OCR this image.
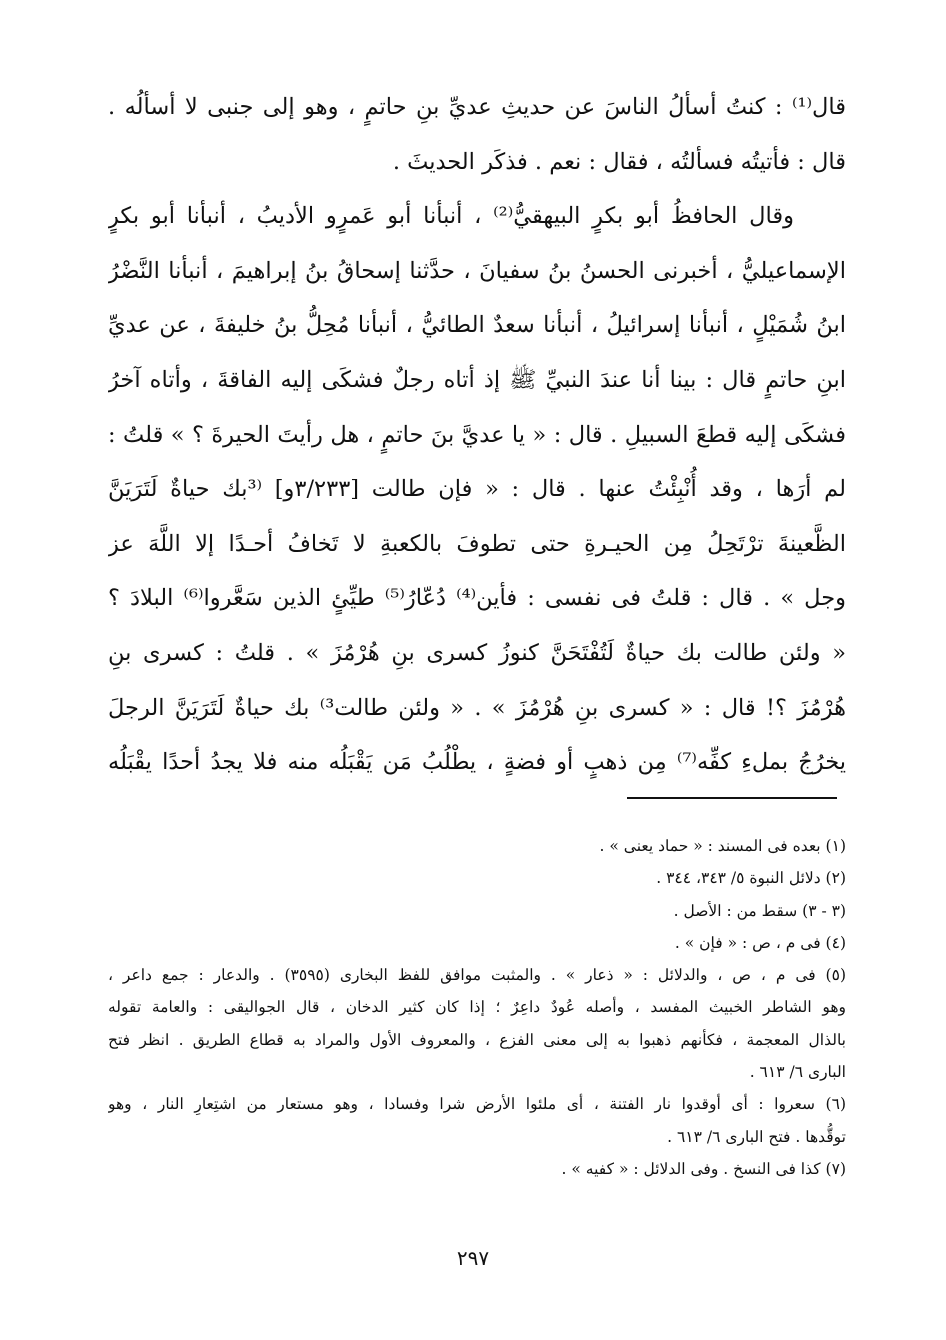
قال⁽¹⁾ : كنتُ أسألُ الناسَ عن حديثِ عديِّ بنِ حاتمٍ ، وهو إلى جنبى لا أسألُه .
قال : فأتيتُه فسألتُه ، فقال : نعم . فذكَر الحديثَ .
وقال الحافظُ أبو بكرٍ البيهقيُّ⁽²⁾ ، أنبأنا أبو عَمرٍو الأديبُ ، أنبأنا أبو بكرٍ
الإسماعيليُّ ، أخبرنى الحسنُ بنُ سفيانَ ، حدَّثنا إسحاقُ بنُ إبراهيمَ ، أنبأنا النَّضْرُ
ابنُ شُمَيْلٍ ، أنبأنا إسرائيلُ ، أنبأنا سعدٌ الطائيُّ ، أنبأنا مُحِلُّ بنُ خليفةَ ، عن عديِّ
ابنِ حاتمٍ قال : بينا أنا عندَ النبيِّ ﷺ إذ أتاه رجلٌ فشكَى إليه الفاقةَ ، وأتاه آخرُ
فشكَى إليه قطعَ السبيلِ . قال : « يا عديَّ بنَ حاتمٍ ، هل رأيتَ الحيرةَ ؟ » قلتُ :
لم أرَها ، وقد أُنْبِئْتُ عنها . قال : « فإن طالت [٣/٢٣٣و] ⁽³بك حياةٌ لَتَرَيَنَّ
الظَّعينةَ ترْتَحِلُ مِن الحيـرةِ حتى تطوفَ بالكعبةِ لا تَخافُ أحـدًا إلا اللَّهَ عز
وجل » . قال : قلتُ فى نفسى : فأين⁽⁴⁾ دُعّارُ⁽⁵⁾ طيِّئٍ الذين سَعَّروا⁽⁶⁾ البلادَ ؟
« ولئن طالت بك حياةٌ لَتُفْتَحَنَّ كنوزُ كسرى بنِ هُرْمُزَ » . قلتُ : كسرى بنِ
هُرْمُزَ ؟! قال : « كسرى بنِ هُرْمُزَ » . « ولئن طالت³⁾ بك حياةٌ لَتَرَيَنَّ الرجلَ
يخرُجُ بملءِ كفِّه⁽⁷⁾ مِن ذهبٍ أو فضةٍ ، يطْلُبُ مَن يَقْبَلُه منه فلا يجدُ أحدًا يقْبَلُه
(١) بعده فى المسند : « حماد يعنى » .
(٢) دلائل النبوة ٥/ ٣٤٣، ٣٤٤ .
(٣ - ٣) سقط من : الأصل .
(٤) فى م ، ص : « فإن » .
(٥) فى م ، ص ، والدلائل : « ذعار » . والمثبت موافق للفظ البخارى (٣٥٩٥) . والدعار : جمع داعر ،
وهو الشاطر الخبيث المفسد ، وأصله عُودٌ داعِرٌ ؛ إذا كان كثير الدخان ، قال الجواليقى : والعامة تقوله
بالذال المعجمة ، فكأنهم ذهبوا به إلى معنى الفزع ، والمعروف الأول والمراد به قطاع الطريق . انظر فتح
البارى ٦/ ٦١٣ .
(٦) سعروا : أى أوقدوا نار الفتنة ، أى ملئوا الأرض شرا وفسادا ، وهو مستعار من اشتِعارِ النار ، وهو
توقُّدها . فتح البارى ٦/ ٦١٣ .
(٧) كذا فى النسخ . وفى الدلائل : « كفيه » .
٢٩٧
